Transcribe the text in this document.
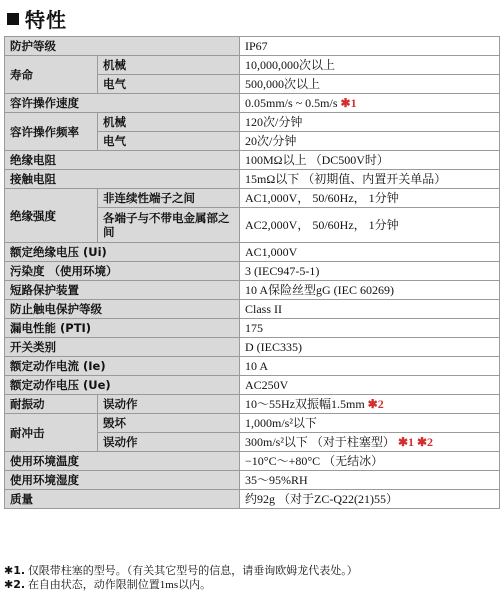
特性
防护等级		IP67
寿命	机械	10,000,000次以上
	电气	500,000次以上
容许操作速度		0.05mm/s ~ 0.5m/s ✱1
容许操作频率	机械	120次/分钟
	电气	20次/分钟
绝缘电阻		100MΩ以上 （DC500V时）
接触电阻		15mΩ以下 （初期值、内置开关单品）
绝缘强度	非连续性端子之间	AC1,000V， 50/60Hz， 1分钟
	各端子与不带电金属部之间	AC2,000V， 50/60Hz， 1分钟
额定绝缘电压 (Ui)		AC1,000V
污染度 （使用环境）		3 (IEC947-5-1)
短路保护装置		10 A保险丝型gG (IEC 60269)
防止触电保护等级		Class II
漏电性能 (PTI)		175
开关类别		D (IEC335)
额定动作电流 (Ie)		10 A
额定动作电压 (Ue)		AC250V
耐振动	误动作	10～55Hz双振幅1.5mm ✱2
耐冲击	毁坏	1,000m/s²以下
	误动作	300m/s²以下 （对于柱塞型） ✱1 ✱2
使用环境温度		−10°C～+80°C （无结冰）
使用环境湿度		35～95%RH
质量		约92g （对于ZC-Q22(21)55）
✱1. 仅限带柱塞的型号。（有关其它型号的信息，请垂询欧姆龙代表处。）
✱2. 在自由状态，动作限制位置1ms以内。
